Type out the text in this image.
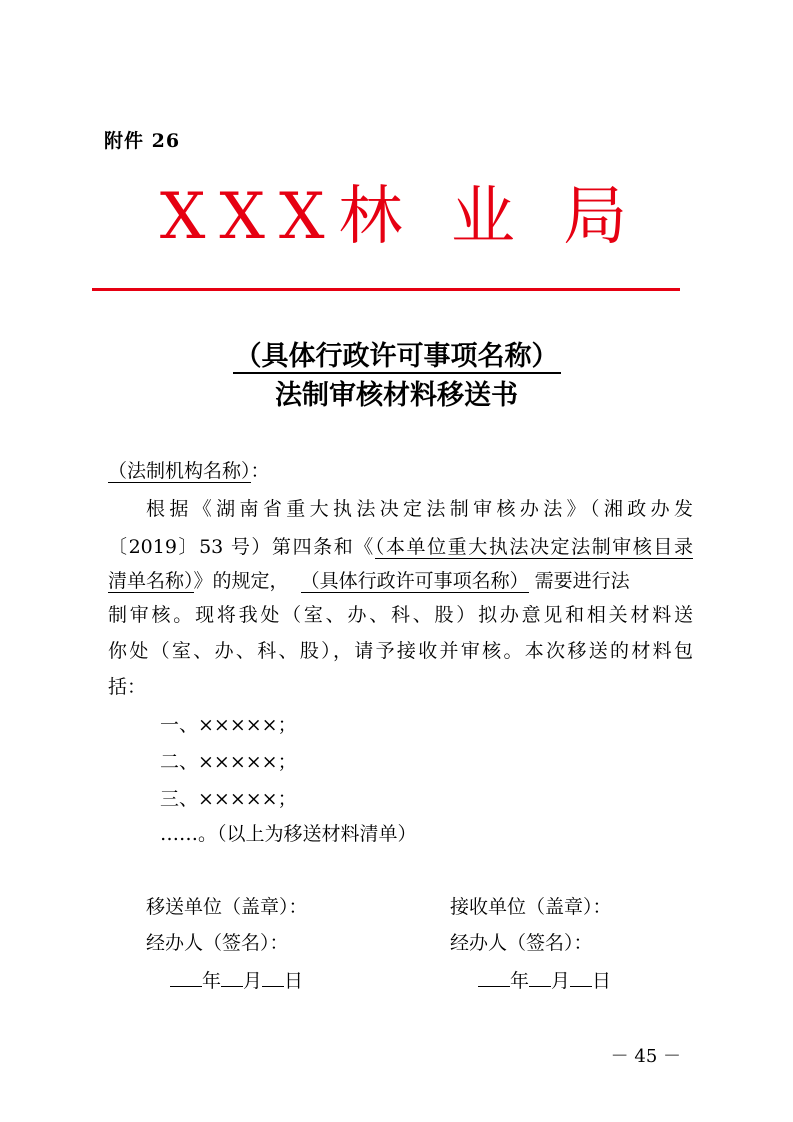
附件 26
XXX林 业 局
（具体行政许可事项名称）
法制审核材料移送书
（法制机构名称）：
根据《湖南省重大执法决定法制审核办法》（湘政办发
〔2019〕53 号）第四条和《（本单位重大执法决定法制审核目录
清单名称）》的规定， （具体行政许可事项名称） 需要进行法
制审核。现将我处（室、办、科、股）拟办意见和相关材料送
你处（室、办、科、股），请予接收并审核。本次移送的材料包
括：
一、×××××；
二、×××××；
三、×××××；
……。（以上为移送材料清单）
移送单位（盖章）：
经办人（签名）：
年 月 日
接收单位（盖章）：
经办人（签名）：
年 月 日
－ 45 －
